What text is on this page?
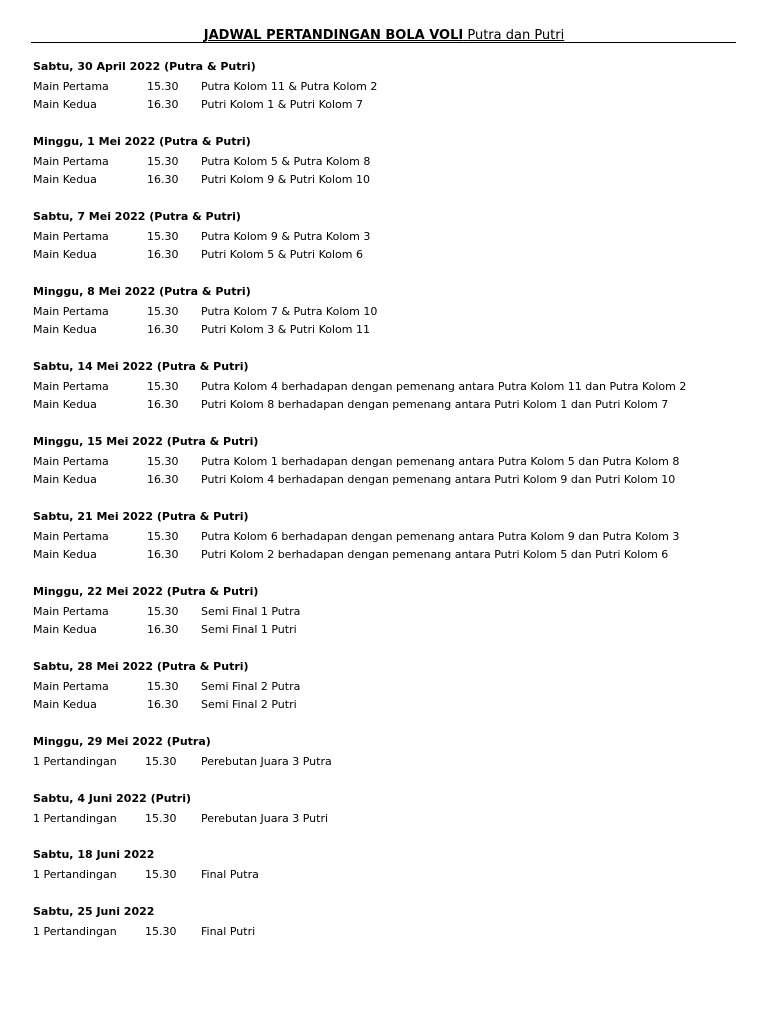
JADWAL PERTANDINGAN BOLA VOLI Putra dan Putri
Sabtu, 30 April 2022 (Putra & Putri)
Main Pertama	15.30 Putra Kolom 11 & Putra Kolom 2
Main Kedua	16.30 Putri Kolom 1 & Putri Kolom 7
Minggu, 1 Mei 2022 (Putra & Putri)
Main Pertama	15.30 Putra Kolom 5 & Putra Kolom 8
Main Kedua	16.30 Putri Kolom 9 & Putri Kolom 10
Sabtu, 7 Mei 2022 (Putra & Putri)
Main Pertama	15.30 Putra Kolom 9 & Putra Kolom 3
Main Kedua	16.30 Putri Kolom 5 & Putri Kolom 6
Minggu, 8 Mei 2022 (Putra & Putri)
Main Pertama	15.30 Putra Kolom 7 & Putra Kolom 10
Main Kedua	16.30 Putri Kolom 3 & Putri Kolom 11
Sabtu, 14 Mei 2022 (Putra & Putri)
Main Pertama	15.30 Putra Kolom 4 berhadapan dengan pemenang antara Putra Kolom 11 dan Putra Kolom 2
Main Kedua	16.30 Putri Kolom 8 berhadapan dengan pemenang antara Putri Kolom 1 dan Putri Kolom 7
Minggu, 15 Mei 2022 (Putra & Putri)
Main Pertama	15.30 Putra Kolom 1 berhadapan dengan pemenang antara Putra Kolom 5 dan Putra Kolom 8
Main Kedua	16.30 Putri Kolom 4 berhadapan dengan pemenang antara Putri Kolom 9 dan Putri Kolom 10
Sabtu, 21 Mei 2022 (Putra & Putri)
Main Pertama	15.30 Putra Kolom 6 berhadapan dengan pemenang antara Putra Kolom 9 dan Putra Kolom 3
Main Kedua	16.30 Putri Kolom 2 berhadapan dengan pemenang antara Putri Kolom 5 dan Putri Kolom 6
Minggu, 22 Mei 2022 (Putra & Putri)
Main Pertama	15.30 Semi Final 1 Putra
Main Kedua	16.30 Semi Final 1 Putri
Sabtu, 28 Mei 2022 (Putra & Putri)
Main Pertama	15.30 Semi Final 2 Putra
Main Kedua	16.30 Semi Final 2 Putri
Minggu, 29 Mei 2022 (Putra)
1 Pertandingan	15.30 Perebutan Juara 3 Putra
Sabtu, 4 Juni 2022 (Putri)
1 Pertandingan	15.30 Perebutan Juara 3 Putri
Sabtu, 18 Juni 2022
1 Pertandingan	15.30 Final Putra
Sabtu, 25 Juni 2022
1 Pertandingan	15.30 Final Putri
